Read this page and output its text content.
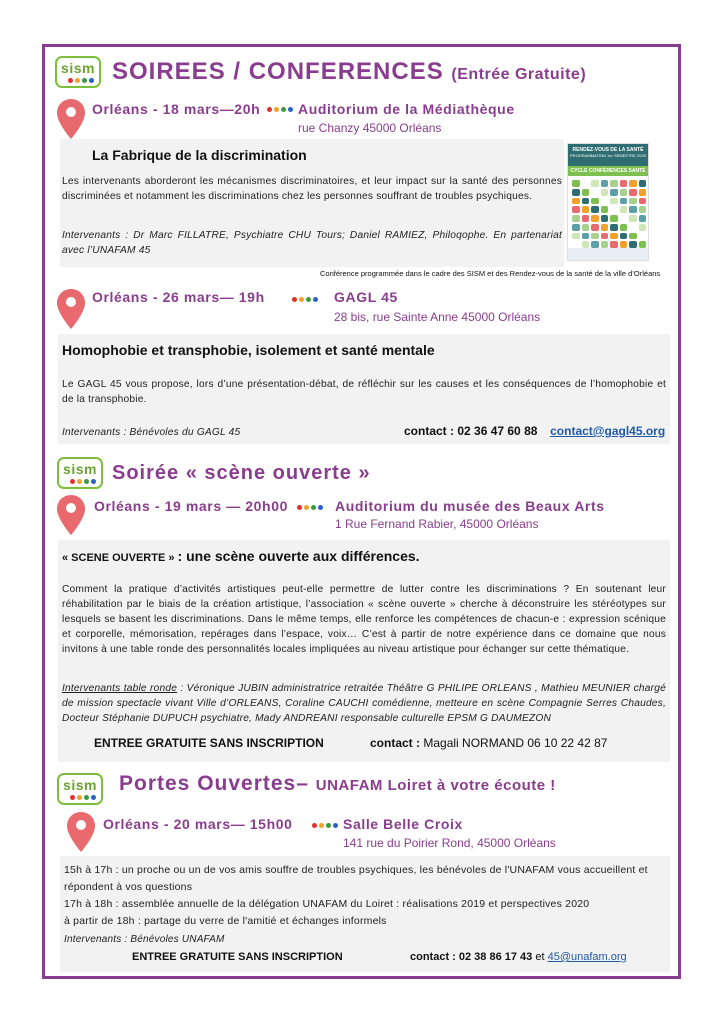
sism SOIREES / CONFERENCES (Entrée Gratuite)
Orléans - 18 mars—20h	Auditorium de la Médiathèque
rue Chanzy 45000 Orléans
La Fabrique de la discrimination
Les intervenants aborderont les mécanismes discriminatoires, et leur impact sur la santé des personnes discriminées et notamment les discriminations chez les personnes souffrant de troubles psychiques.
Intervenants : Dr Marc FILLATRE, Psychiatre CHU Tours; Daniel RAMIEZ, Philoqophe. En partenariat avec l’UNAFAM 45
RENDEZ-VOUS DE LA SANTÉ
PROGRAMMATION 1er SEMESTRE 2020
CYCLE CONFÉRENCES SANTÉ
Conférence programmée dans le cadre des SISM et des Rendez-vous de la santé de la ville d’Orléans
Orléans - 26 mars— 19h	GAGL 45
28 bis, rue Sainte Anne 45000 Orléans
Homophobie et transphobie, isolement et santé mentale
Le GAGL 45 vous propose, lors d’une présentation-débat, de réfléchir sur les causes et les conséquences de l’homophobie et de la transphobie.
Intervenants : Bénévoles du GAGL 45	contact : 02 36 47 60 88 contact@gagl45.org
sism Soirée « scène ouverte »
Orléans - 19 mars — 20h00	Auditorium du musée des Beaux Arts
1 Rue Fernand Rabier, 45000 Orléans
« SCENE OUVERTE » : une scène ouverte aux différences.
Comment la pratique d’activités artistiques peut-elle permettre de lutter contre les discriminations ? En soutenant leur réhabilitation par le biais de la création artistique, l’association « scène ouverte » cherche à déconstruire les stéréotypes sur lesquels se basent les discriminations. Dans le même temps, elle renforce les compétences de chacun-e : expression scénique et corporelle, mémorisation, repérages dans l’espace, voix… C’est à partir de notre expérience dans ce domaine que nous invitons à une table ronde des personnalités locales impliquées au niveau artistique pour échanger sur cette thématique.
Intervenants table ronde : Véronique JUBIN administratrice retraitée Théâtre G PHILIPE ORLEANS , Mathieu MEUNIER chargé de mission spectacle vivant Ville d’ORLEANS, Coraline CAUCHI comédienne, metteure en scène Compagnie Serres Chaudes, Docteur Stéphanie DUPUCH psychiatre, Mady ANDREANI responsable culturelle EPSM G DAUMEZON
ENTREE GRATUITE SANS INSCRIPTION	contact : Magali NORMAND 06 10 22 42 87
sism Portes Ouvertes– UNAFAM Loiret à votre écoute !
Orléans - 20 mars— 15h00	Salle Belle Croix
141 rue du Poirier Rond, 45000 Orléans
15h à 17h : un proche ou un de vos amis souffre de troubles psychiques, les bénévoles de l'UNAFAM vous accueillent et répondent à vos questions
17h à 18h : assemblée annuelle de la délégation UNAFAM du Loiret : réalisations 2019 et perspectives 2020
à partir de 18h : partage du verre de l'amitié et échanges informels
Intervenants : Bénévoles UNAFAM
ENTREE GRATUITE SANS INSCRIPTION	contact : 02 38 86 17 43 et 45@unafam.org
